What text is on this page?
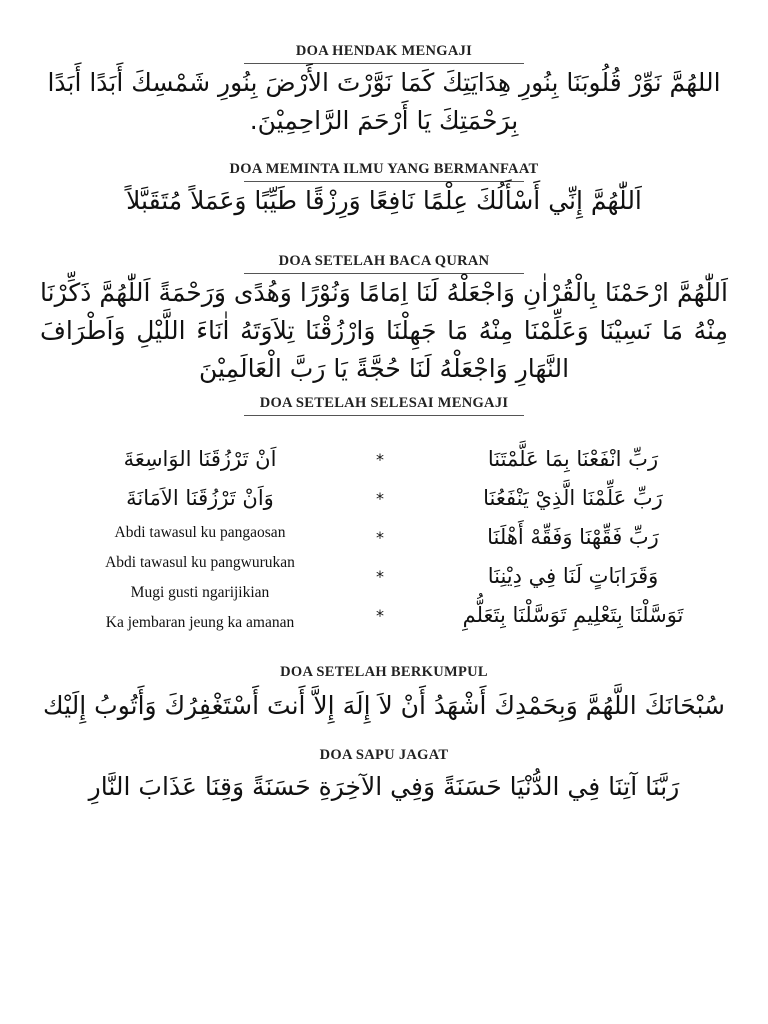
DOA HENDAK MENGAJI

اللهُمَّ نَوِّرْ قُلُوبَنَا بِنُورِ هِدَايَتِكَ كَمَا نَوَّرْتَ الأَرْضَ بِنُورِ شَمْسِكَ أَبَدًا أَبَدًا بِرَحْمَتِكَ يَا أَرْحَمَ الرَّاحِمِيْنَ.

DOA MEMINTA ILMU YANG BERMANFAAT

اَللّٰهُمَّ إِنِّي أَسْأَلُكَ عِلْمًا نَافِعًا وَرِزْقًا طَيِّبًا وَعَمَلاً مُتَقَبَّلاً

DOA SETELAH BACA QURAN

اَللّٰهُمَّ ارْحَمْنَا بِالْقُرْاٰنِ وَاجْعَلْهُ لَنَا اِمَامًا وَنُوْرًا وَهُدًى وَرَحْمَةً اَللّٰهُمَّ ذَكِّرْنَا مِنْهُ مَا نَسِيْنَا وَعَلِّمْنَا مِنْهُ مَا جَهِلْنَا وَارْزُقْنَا تِلاَوَتَهُ اٰنَاءَ اللَّيْلِ وَاَطْرَافَ النَّهَارِ وَاجْعَلْهُ لَنَا حُجَّةً يَا رَبَّ الْعَالَمِيْنَ

DOA SETELAH SELESAI MENGAJI
رَبِّ انْفَعْنَا بِمَا عَلَّمْتَنَا
رَبِّ عَلِّمْنَا الَّذِيْ يَنْفَعُنَا
رَبِّ فَقِّهْنَا وَفَقِّهْ أَهْلَنَا
وَقَرَابَاتٍ لَنَا فِي دِيْنِنَا
تَوَسَّلْنَا بِتَعْلِيمِ تَوَسَّلْنَا بِتَعَلُّمِ
*
*
*
*
*
اَنْ تَرْزُقَنَا الوَاسِعَةَ
وَاَنْ تَرْزُقَنَا الاَمَانَةَ
Abdi tawasul ku pangaosan
Abdi tawasul ku pangwurukan
Mugi gusti ngarijikian
Ka jembaran jeung ka amanan
DOA SETELAH BERKUMPUL

سُبْحَانَكَ اللَّهُمَّ وَبِحَمْدِكَ أَشْهَدُ أَنْ لاَ إِلَهَ إِلاَّ أَنتَ أَسْتَغْفِرُكَ وَأَتُوبُ إِلَيْك

DOA SAPU JAGAT

رَبَّنَا آتِنَا فِي الدُّنْيَا حَسَنَةً وَفِي الآخِرَةِ حَسَنَةً وَقِنَا عَذَابَ النَّارِ
